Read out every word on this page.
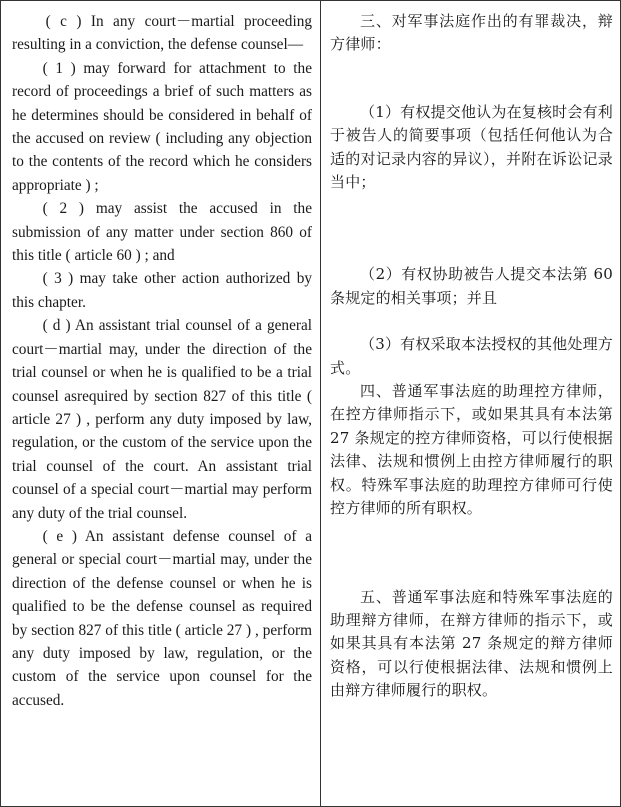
( c ) In any court－martial proceeding resulting in a conviction, the defense counsel—

( 1 ) may forward for attachment to the record of proceedings a brief of such matters as he determines should be considered in behalf of the accused on review ( including any objection to the contents of the record which he considers appropriate ) ;

( 2 ) may assist the accused in the submission of any matter under section 860 of this title ( article 60 ) ; and

( 3 ) may take other action authorized by this chapter.

( d ) An assistant trial counsel of a general court－martial may, under the direction of the trial counsel or when he is qualified to be a trial counsel asrequired by section 827 of this title ( article 27 ) , perform any duty imposed by law, regulation, or the custom of the service upon the trial counsel of the court. An assistant trial counsel of a special court－martial may perform any duty of the trial counsel.

( e ) An assistant defense counsel of a general or special court－martial may, under the direction of the defense counsel or when he is qualified to be the defense counsel as required by section 827 of this title ( article 27 ) , perform any duty imposed by law, regulation, or the custom of the service upon counsel for the accused.

三、对军事法庭作出的有罪裁决，辩方律师：

（1）有权提交他认为在复核时会有利于被告人的简要事项（包括任何他认为合适的对记录内容的异议），并附在诉讼记录当中；

（2）有权协助被告人提交本法第 60 条规定的相关事项；并且

（3）有权采取本法授权的其他处理方式。

四、普通军事法庭的助理控方律师，在控方律师指示下，或如果其具有本法第 27 条规定的控方律师资格，可以行使根据法律、法规和惯例上由控方律师履行的职权。特殊军事法庭的助理控方律师可行使控方律师的所有职权。

五、普通军事法庭和特殊军事法庭的助理辩方律师，在辩方律师的指示下，或如果其具有本法第 27 条规定的辩方律师资格，可以行使根据法律、法规和惯例上由辩方律师履行的职权。
